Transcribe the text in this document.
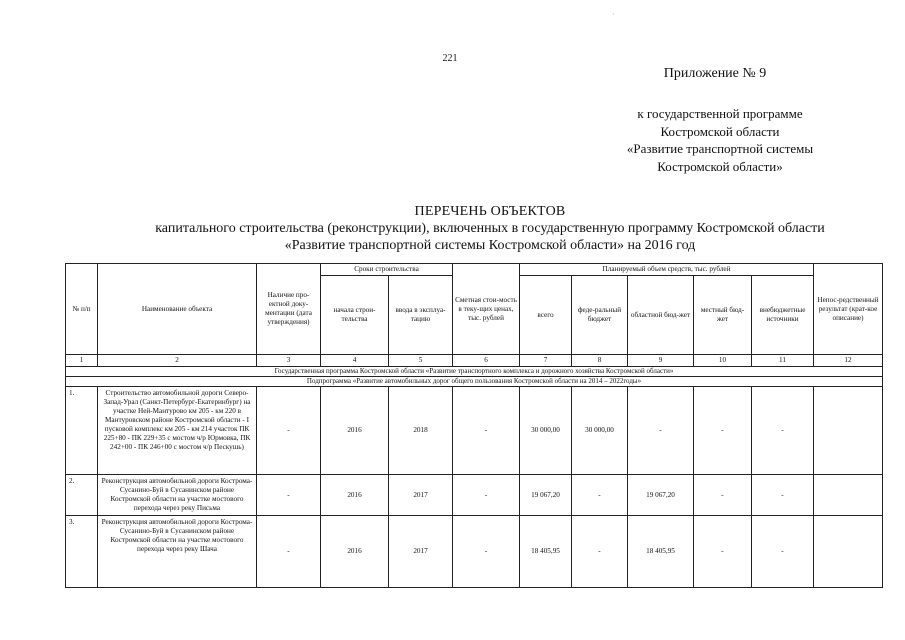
·
221
Приложение № 9
к государственной программе
Костромской области
«Развитие транспортной системы
Костромской области»
ПЕРЕЧЕНЬ ОБЪЕКТОВ
капитального строительства (реконструкции), включенных в государственную программу Костромской области
«Развитие транспортной системы Костромской области» на 2016 год
№ п/п	Наименование объекта	Наличие про-ектной доку-ментации (дата утверждения)	Сроки строительства		Сметная стои-мость в теку-щих ценах, тыс. рублей	Планируемый объем средств, тыс. рублей					Непос-редственный результат (крат-кое описание)
			начала строи-тельства	ввода в эксплуа-тацию		всего	феде-ральный бюджет	областной бюд-жет	местный бюд-жет	внебюджетные источники	
1	2	3	4	5	6	7	8	9	10	11	12
Государственная программа Костромской области «Развитие транспортного комплекса и дорожного хозяйства Костромской области»											
Подпрограмма «Развитие автомобильных дорог общего пользования Костромской области на 2014 – 2022годы»											
1.	Строительство автомобильной дороги Северо-Запад-Урал (Санкт-Петербург-Екатеринбург) на участке Ней-Мантурово км 205 - км 220 в Мантуровском районе Костромской области - I пусковой комплекс км 205 - км 214 участок ПК 225+80 - ПК 229+35 с мостом ч/р Юрмовка, ПК 242+00 - ПК 246+00 с мостом ч/р Пескушь)	-	2016	2018	-	30 000,00	30 000,00	-	-	-	
2.	Реконструкция автомобильной дороги Кострома-Сусанино-Буй в Сусанинском районе Костромской области на участке мостового перехода через реку Письма	-	2016	2017	-	19 067,20	-	19 067,20	-	-	
3.	Реконструкция автомобильной дороги Кострома-Сусанино-Буй в Сусанинском районе Костромской области на участке мостового перехода через реку Шача	-	2016	2017	-	18 405,95	-	18 405,95	-	-	
